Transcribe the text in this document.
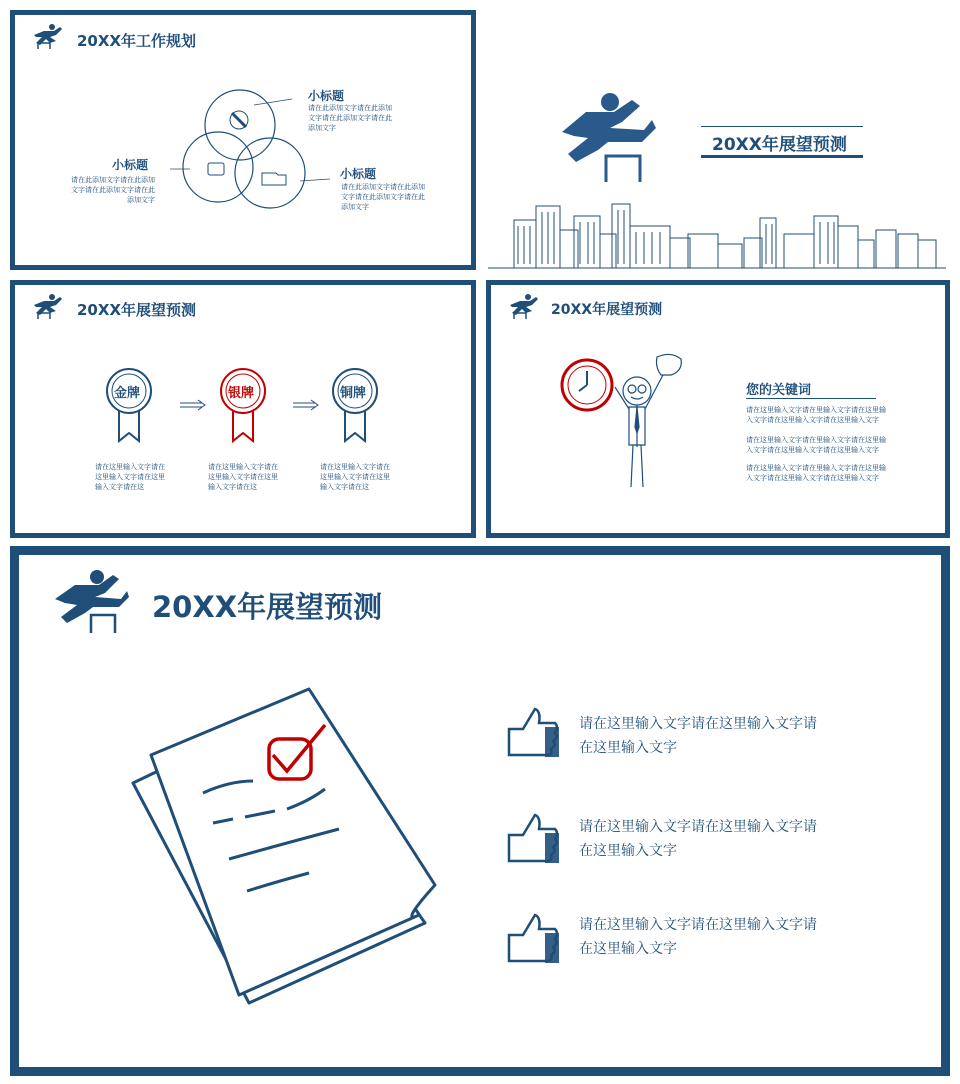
20XX年工作规划
小标题
请在此添加文字请在此添加文字请在此添加文字请在此添加文字
小标题
请在此添加文字请在此添加文字请在此添加文字请在此添加文字
小标题
请在此添加文字请在此添加文字请在此添加文字请在此添加文字
20XX年展望预测
20XX年展望预测
金牌	银牌	铜牌
请在这里输入文字请在这里输入文字请在这里输入文字请在这
请在这里输入文字请在这里输入文字请在这里输入文字请在这
请在这里输入文字请在这里输入文字请在这里输入文字请在这
20XX年展望预测
您的关键词
请在这里输入文字请在里输入文字请在这里输入文字请在这里输入文字请在这里输入文字
请在这里输入文字请在里输入文字请在这里输入文字请在这里输入文字请在这里输入文字
请在这里输入文字请在里输入文字请在这里输入文字请在这里输入文字请在这里输入文字
20XX年展望预测
请在这里输入文字请在这里输入文字请在这里输入文字
请在这里输入文字请在这里输入文字请在这里输入文字
请在这里输入文字请在这里输入文字请在这里输入文字
